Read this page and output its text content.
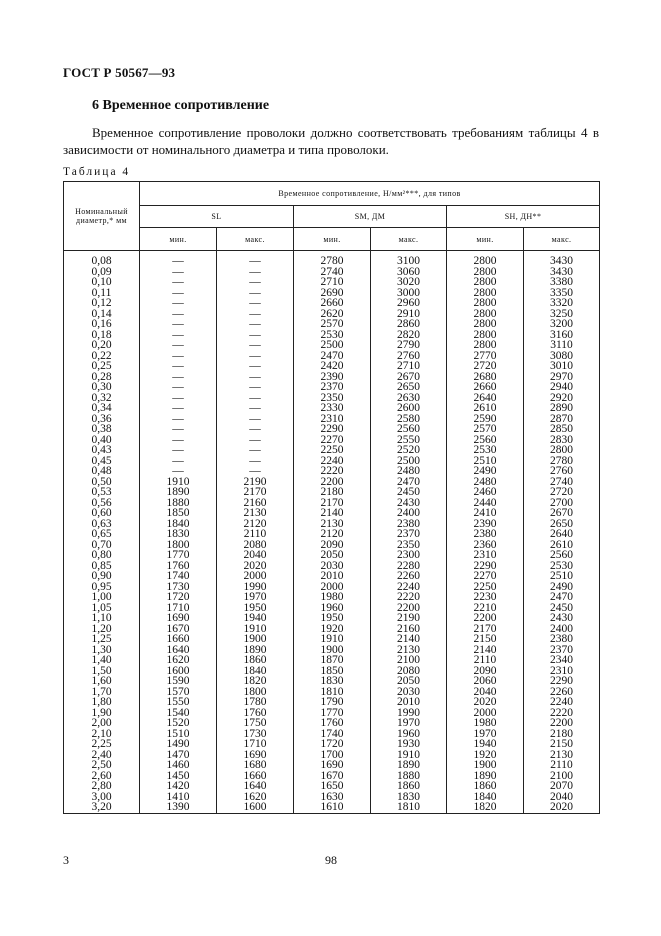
ГОСТ Р 50567—93
6 Временное сопротивление
Временное сопротивление проволоки должно соответствовать требованиям таблицы 4 в зависимости от номинального диаметра и типа проволоки.
Таблица 4
Номинальный диаметр,* мм	Временное сопротивление, Н/мм²***, для типов					
	SL		SM, ДМ		SH, ДН**	
	мин.	макс.	мин.	макс.	мин.	макс.
0,08	—	—	2780	3100	2800	3430
0,09	—	—	2740	3060	2800	3430
0,10	—	—	2710	3020	2800	3380
0,11	—	—	2690	3000	2800	3350
0,12	—	—	2660	2960	2800	3320
0,14	—	—	2620	2910	2800	3250
0,16	—	—	2570	2860	2800	3200
0,18	—	—	2530	2820	2800	3160
0,20	—	—	2500	2790	2800	3110
0,22	—	—	2470	2760	2770	3080
0,25	—	—	2420	2710	2720	3010
0,28	—	—	2390	2670	2680	2970
0,30	—	—	2370	2650	2660	2940
0,32	—	—	2350	2630	2640	2920
0,34	—	—	2330	2600	2610	2890
0,36	—	—	2310	2580	2590	2870
0,38	—	—	2290	2560	2570	2850
0,40	—	—	2270	2550	2560	2830
0,43	—	—	2250	2520	2530	2800
0,45	—	—	2240	2500	2510	2780
0,48	—	—	2220	2480	2490	2760
0,50	1910	2190	2200	2470	2480	2740
0,53	1890	2170	2180	2450	2460	2720
0,56	1880	2160	2170	2430	2440	2700
0,60	1850	2130	2140	2400	2410	2670
0,63	1840	2120	2130	2380	2390	2650
0,65	1830	2110	2120	2370	2380	2640
0,70	1800	2080	2090	2350	2360	2610
0,80	1770	2040	2050	2300	2310	2560
0,85	1760	2020	2030	2280	2290	2530
0,90	1740	2000	2010	2260	2270	2510
0,95	1730	1990	2000	2240	2250	2490
1,00	1720	1970	1980	2220	2230	2470
1,05	1710	1950	1960	2200	2210	2450
1,10	1690	1940	1950	2190	2200	2430
1,20	1670	1910	1920	2160	2170	2400
1,25	1660	1900	1910	2140	2150	2380
1,30	1640	1890	1900	2130	2140	2370
1,40	1620	1860	1870	2100	2110	2340
1,50	1600	1840	1850	2080	2090	2310
1,60	1590	1820	1830	2050	2060	2290
1,70	1570	1800	1810	2030	2040	2260
1,80	1550	1780	1790	2010	2020	2240
1,90	1540	1760	1770	1990	2000	2220
2,00	1520	1750	1760	1970	1980	2200
2,10	1510	1730	1740	1960	1970	2180
2,25	1490	1710	1720	1930	1940	2150
2,40	1470	1690	1700	1910	1920	2130
2,50	1460	1680	1690	1890	1900	2110
2,60	1450	1660	1670	1880	1890	2100
2,80	1420	1640	1650	1860	1860	2070
3,00	1410	1620	1630	1830	1840	2040
3,20	1390	1600	1610	1810	1820	2020
3	98
